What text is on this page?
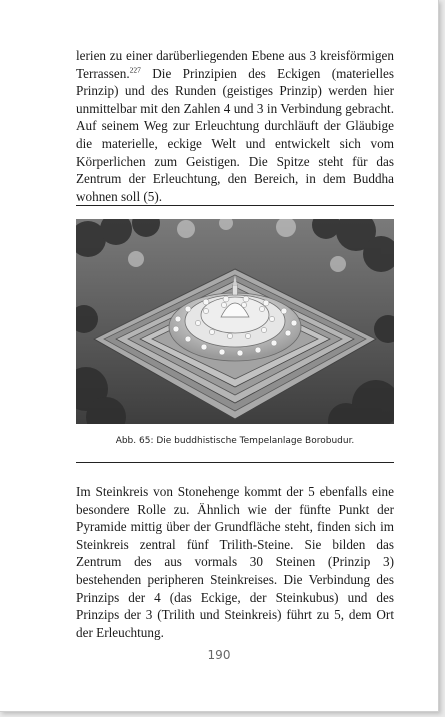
lerien zu einer darüberliegenden Ebene aus 3 kreisförmigen Terrassen.$^{227}$ Die Prinzipien des Eckigen (materielles Prinzip) und des Runden (geistiges Prinzip) werden hier unmittelbar mit den Zahlen 4 und 3 in Verbindung gebracht. Auf seinem Weg zur Erleuchtung durchläuft der Gläubige die materielle, eckige Welt und entwickelt sich vom Körperlichen zum Geistigen. Die Spitze steht für das Zentrum der Erleuchtung, den Bereich, in dem Buddha wohnen soll (5).

Abb. 65: Die buddhistische Tempelanlage Borobudur.

Im Steinkreis von Stonehenge kommt der 5 ebenfalls eine besondere Rolle zu. Ähnlich wie der fünfte Punkt der Pyramide mittig über der Grundfläche steht, finden sich im Steinkreis zentral fünf Trilith-Steine. Sie bilden das Zentrum des aus vormals 30 Steinen (Prinzip 3) bestehenden peripheren Steinkreises. Die Verbindung des Prinzips der 4 (das Eckige, der Steinkubus) und des Prinzips der 3 (Trilith und Steinkreis) führt zu 5, dem Ort der Erleuchtung.

190
